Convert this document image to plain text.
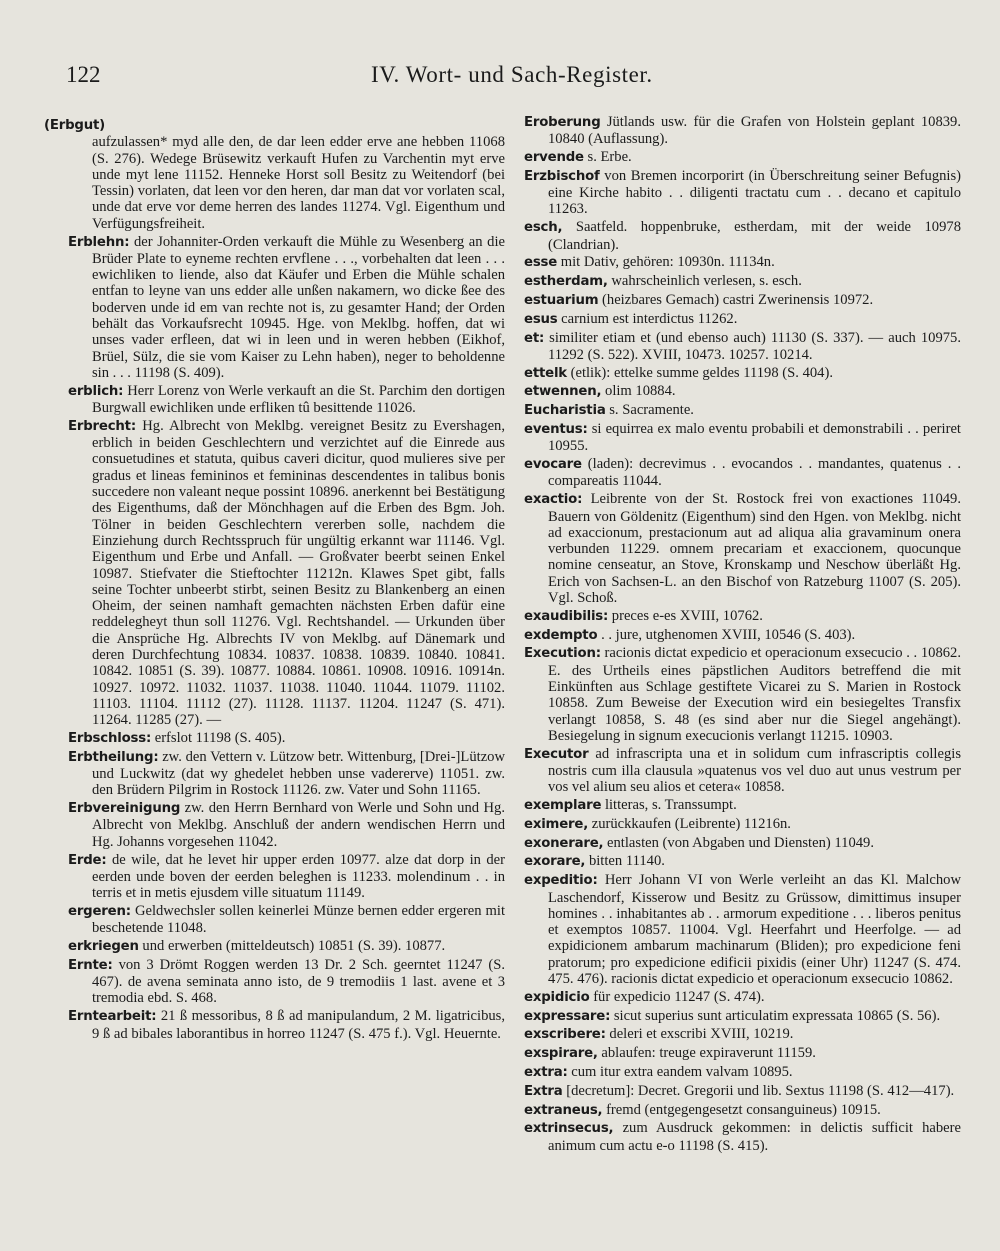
122	IV. Wort- und Sach-Register.

(Erbgut)
aufzulassen* myd alle den, de dar leen edder erve ane hebben 11068 (S. 276). Wedege Brüsewitz verkauft Hufen zu Varchentin myt erve unde myt lene 11152. Henneke Horst soll Besitz zu Weitendorf (bei Tessin) vorlaten, dat leen vor den heren, dar man dat vor vorlaten scal, unde dat erve vor deme herren des landes 11274. Vgl. Eigenthum und Verfügungsfreiheit.

Erblehn: der Johanniter-Orden verkauft die Mühle zu Wesenberg an die Brüder Plate to eyneme rechten ervflene . . ., vorbehalten dat leen . . . ewichliken to liende, also dat Käufer und Erben die Mühle schalen entfan to leyne van uns edder alle unßen nakamern, wo dicke ßee des boderven unde id em van rechte not is, zu gesamter Hand; der Orden behält das Vorkaufsrecht 10945. Hge. von Meklbg. hoffen, dat wi unses vader erfleen, dat wi in leen und in weren hebben (Eikhof, Brüel, Sülz, die sie vom Kaiser zu Lehn haben), neger to beholdenne sin . . . 11198 (S. 409).

erblich: Herr Lorenz von Werle verkauft an die St. Parchim den dortigen Burgwall ewichliken unde erfliken tû besittende 11026.

Erbrecht: Hg. Albrecht von Meklbg. vereignet Besitz zu Evershagen, erblich in beiden Geschlechtern und verzichtet auf die Einrede aus consuetudines et statuta, quibus caveri dicitur, quod mulieres sive per gradus et lineas femininos et femininas descendentes in talibus bonis succedere non valeant neque possint 10896. anerkennt bei Bestätigung des Eigenthums, daß der Mönchhagen auf die Erben des Bgm. Joh. Tölner in beiden Geschlechtern vererben solle, nachdem die Einziehung durch Rechtsspruch für ungültig erkannt war 11146. Vgl. Eigenthum und Erbe und Anfall. — Großvater beerbt seinen Enkel 10987. Stiefvater die Stieftochter 11212n. Klawes Spet gibt, falls seine Tochter unbeerbt stirbt, seinen Besitz zu Blankenberg an einen Oheim, der seinen namhaft gemachten nächsten Erben dafür eine reddelegheyt thun soll 11276. Vgl. Rechtshandel. — Urkunden über die Ansprüche Hg. Albrechts IV von Meklbg. auf Dänemark und deren Durchfechtung 10834. 10837. 10838. 10839. 10840. 10841. 10842. 10851 (S. 39). 10877. 10884. 10861. 10908. 10916. 10914n. 10927. 10972. 11032. 11037. 11038. 11040. 11044. 11079. 11102. 11103. 11104. 11112 (27). 11128. 11137. 11204. 11247 (S. 471). 11264. 11285 (27). —

Erbschloss: erfslot 11198 (S. 405).

Erbtheilung: zw. den Vettern v. Lützow betr. Wittenburg, [Drei-]Lützow und Luckwitz (dat wy ghedelet hebben unse vadererve) 11051. zw. den Brüdern Pilgrim in Rostock 11126. zw. Vater und Sohn 11165.

Erbvereinigung zw. den Herrn Bernhard von Werle und Sohn und Hg. Albrecht von Meklbg. Anschluß der andern wendischen Herrn und Hg. Johanns vorgesehen 11042.

Erde: de wile, dat he levet hir upper erden 10977. alze dat dorp in der eerden unde boven der eerden beleghen is 11233. molendinum . . in terris et in metis ejusdem ville situatum 11149.

ergeren: Geldwechsler sollen keinerlei Münze bernen edder ergeren mit beschetende 11048.

erkriegen und erwerben (mitteldeutsch) 10851 (S. 39). 10877.

Ernte: von 3 Drömt Roggen werden 13 Dr. 2 Sch. geerntet 11247 (S. 467). de avena seminata anno isto, de 9 tremodiis 1 last. avene et 3 tremodia ebd. S. 468.

Erntearbeit: 21 ß messoribus, 8 ß ad manipulandum, 2 M. ligatricibus, 9 ß ad bibales laborantibus in horreo 11247 (S. 475 f.). Vgl. Heuernte.

Eroberung Jütlands usw. für die Grafen von Holstein geplant 10839. 10840 (Auflassung).

ervende s. Erbe.

Erzbischof von Bremen incorporirt (in Überschreitung seiner Befugnis) eine Kirche habito . . diligenti tractatu cum . . decano et capitulo 11263.

esch, Saatfeld. hoppenbruke, estherdam, mit der weide 10978 (Clandrian).

esse mit Dativ, gehören: 10930n. 11134n.

estherdam, wahrscheinlich verlesen, s. esch.

estuarium (heizbares Gemach) castri Zwerinensis 10972.

esus carnium est interdictus 11262.

et: similiter etiam et (und ebenso auch) 11130 (S. 337). — auch 10975. 11292 (S. 522). XVIII, 10473. 10257. 10214.

ettelk (etlik): ettelke summe geldes 11198 (S. 404).

etwennen, olim 10884.

Eucharistia s. Sacramente.

eventus: si equirrea ex malo eventu probabili et demonstrabili . . periret 10955.

evocare (laden): decrevimus . . evocandos . . mandantes, quatenus . . compareatis 11044.

exactio: Leibrente von der St. Rostock frei von exactiones 11049. Bauern von Göldenitz (Eigenthum) sind den Hgen. von Meklbg. nicht ad exaccionum, prestacionum aut ad aliqua alia gravaminum onera verbunden 11229. omnem precariam et exaccionem, quocunque nomine censeatur, an Stove, Kronskamp und Neschow überläßt Hg. Erich von Sachsen-L. an den Bischof von Ratzeburg 11007 (S. 205). Vgl. Schoß.

exaudibilis: preces e-es XVIII, 10762.

exdempto . . jure, utghenomen XVIII, 10546 (S. 403).

Execution: racionis dictat expedicio et operacionum exsecucio . . 10862. E. des Urtheils eines päpstlichen Auditors betreffend die mit Einkünften aus Schlage gestiftete Vicarei zu S. Marien in Rostock 10858. Zum Beweise der Execution wird ein besiegeltes Transfix verlangt 10858, S. 48 (es sind aber nur die Siegel angehängt). Besiegelung in signum execucionis verlangt 11215. 10903.

Executor ad infrascripta una et in solidum cum infrascriptis collegis nostris cum illa clausula »quatenus vos vel duo aut unus vestrum per vos vel alium seu alios et cetera« 10858.

exemplare litteras, s. Transsumpt.

eximere, zurückkaufen (Leibrente) 11216n.

exonerare, entlasten (von Abgaben und Diensten) 11049.

exorare, bitten 11140.

expeditio: Herr Johann VI von Werle verleiht an das Kl. Malchow Laschendorf, Kisserow und Besitz zu Grüssow, dimittimus insuper homines . . inhabitantes ab . . armorum expeditione . . . liberos penitus et exemptos 10857. 11004. Vgl. Heerfahrt und Heerfolge. — ad expidicionem ambarum machinarum (Bliden); pro expedicione feni pratorum; pro expedicione edificii pixidis (einer Uhr) 11247 (S. 474. 475. 476). racionis dictat expedicio et operacionum exsecucio 10862.

expidicio für expedicio 11247 (S. 474).

expressare: sicut superius sunt articulatim expressata 10865 (S. 56).

exscribere: deleri et exscribi XVIII, 10219.

exspirare, ablaufen: treuge expiraverunt 11159.

extra: cum itur extra eandem valvam 10895.

Extra [decretum]: Decret. Gregorii und lib. Sextus 11198 (S. 412—417).

extraneus, fremd (entgegengesetzt consanguineus) 10915.

extrinsecus, zum Ausdruck gekommen: in delictis sufficit habere animum cum actu e-o 11198 (S. 415).
